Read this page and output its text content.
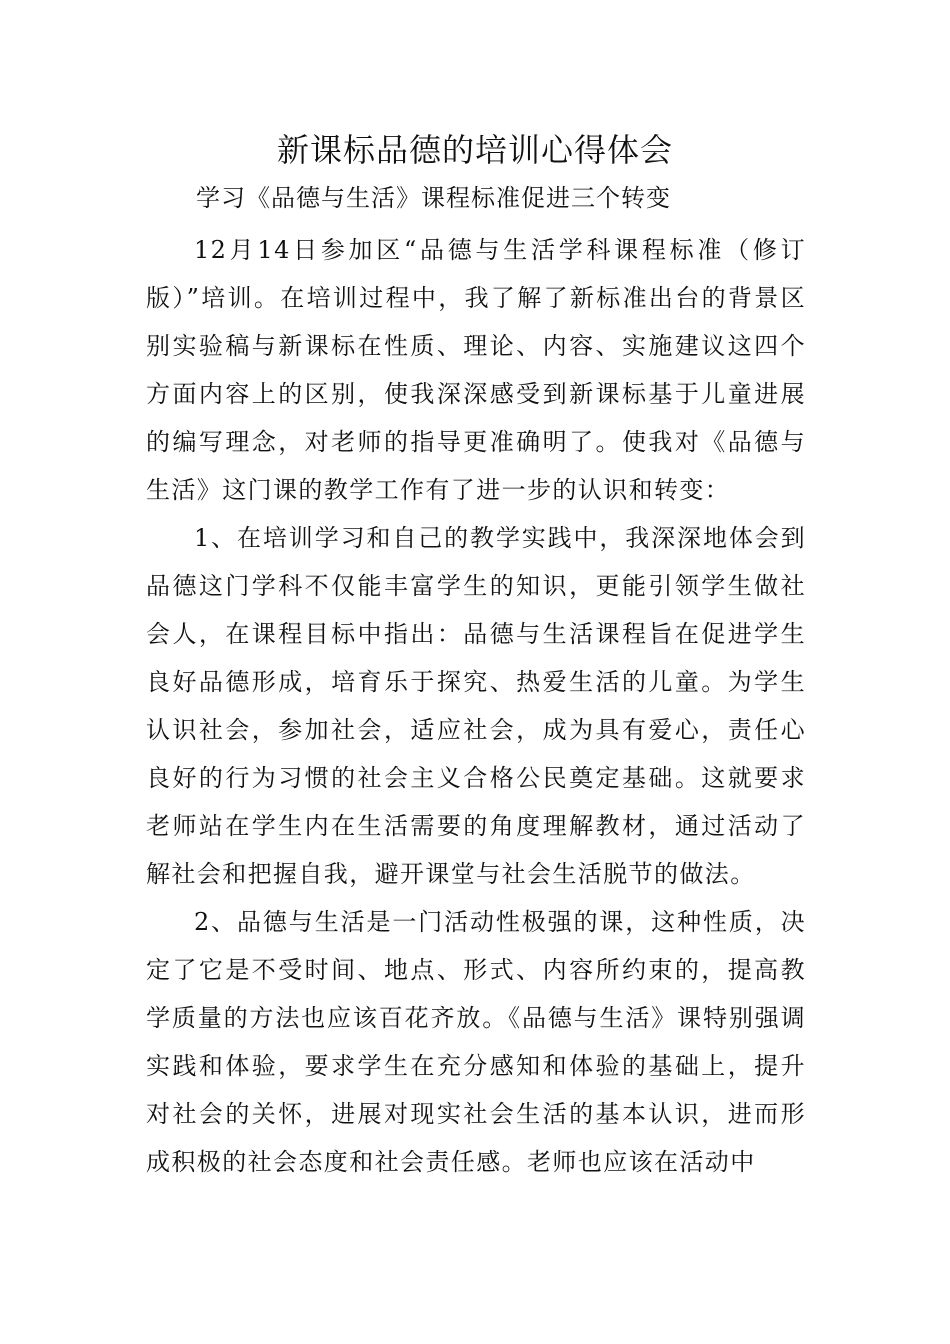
新课标品德的培训心得体会

学习《品德与生活》课程标准促进三个转变

12月14日参加区“品德与生活学科课程标准（修订版）”培训。在培训过程中，我了解了新标准出台的背景区别实验稿与新课标在性质、理论、内容、实施建议这四个方面内容上的区别，使我深深感受到新课标基于儿童进展的编写理念，对老师的指导更准确明了。使我对《品德与生活》这门课的教学工作有了进一步的认识和转变：

1、在培训学习和自己的教学实践中，我深深地体会到品德这门学科不仅能丰富学生的知识，更能引领学生做社会人，在课程目标中指出：品德与生活课程旨在促进学生良好品德形成，培育乐于探究、热爱生活的儿童。为学生认识社会，参加社会，适应社会，成为具有爱心，责任心良好的行为习惯的社会主义合格公民奠定基础。这就要求老师站在学生内在生活需要的角度理解教材，通过活动了解社会和把握自我，避开课堂与社会生活脱节的做法。

2、品德与生活是一门活动性极强的课，这种性质，决定了它是不受时间、地点、形式、内容所约束的，提高教学质量的方法也应该百花齐放。《品德与生活》课特别强调实践和体验，要求学生在充分感知和体验的基础上，提升对社会的关怀，进展对现实社会生活的基本认识，进而形成积极的社会态度和社会责任感。老师也应该在活动中
